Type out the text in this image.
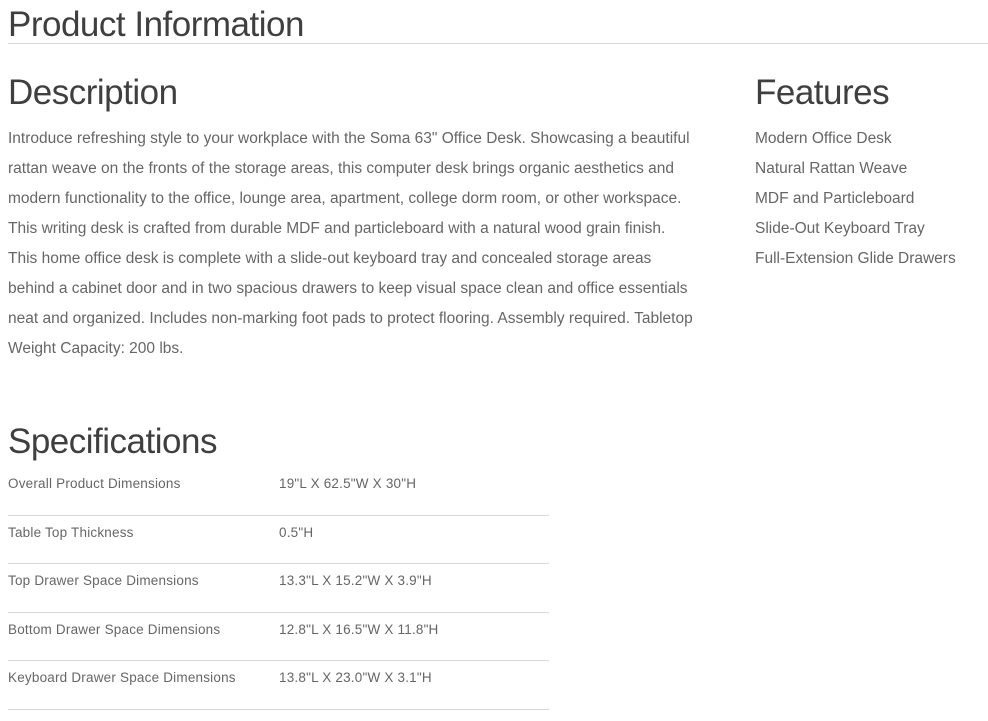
Product Information
Description

Introduce refreshing style to your workplace with the Soma 63" Office Desk. Showcasing a beautiful rattan weave on the fronts of the storage areas, this computer desk brings organic aesthetics and modern functionality to the office, lounge area, apartment, college dorm room, or other workspace. This writing desk is crafted from durable MDF and particleboard with a natural wood grain finish. This home office desk is complete with a slide-out keyboard tray and concealed storage areas behind a cabinet door and in two spacious drawers to keep visual space clean and office essentials neat and organized. Includes non-marking foot pads to protect flooring. Assembly required. Tabletop Weight Capacity: 200 lbs.

Features
Modern Office Desk
Natural Rattan Weave
MDF and Particleboard
Slide-Out Keyboard Tray
Full-Extension Glide Drawers
Specifications
Overall Product Dimensions	19"L X 62.5"W X 30"H
Table Top Thickness	0.5"H
Top Drawer Space Dimensions	13.3"L X 15.2"W X 3.9"H
Bottom Drawer Space Dimensions	12.8"L X 16.5"W X 11.8"H
Keyboard Drawer Space Dimensions	13.8"L X 23.0"W X 3.1"H
